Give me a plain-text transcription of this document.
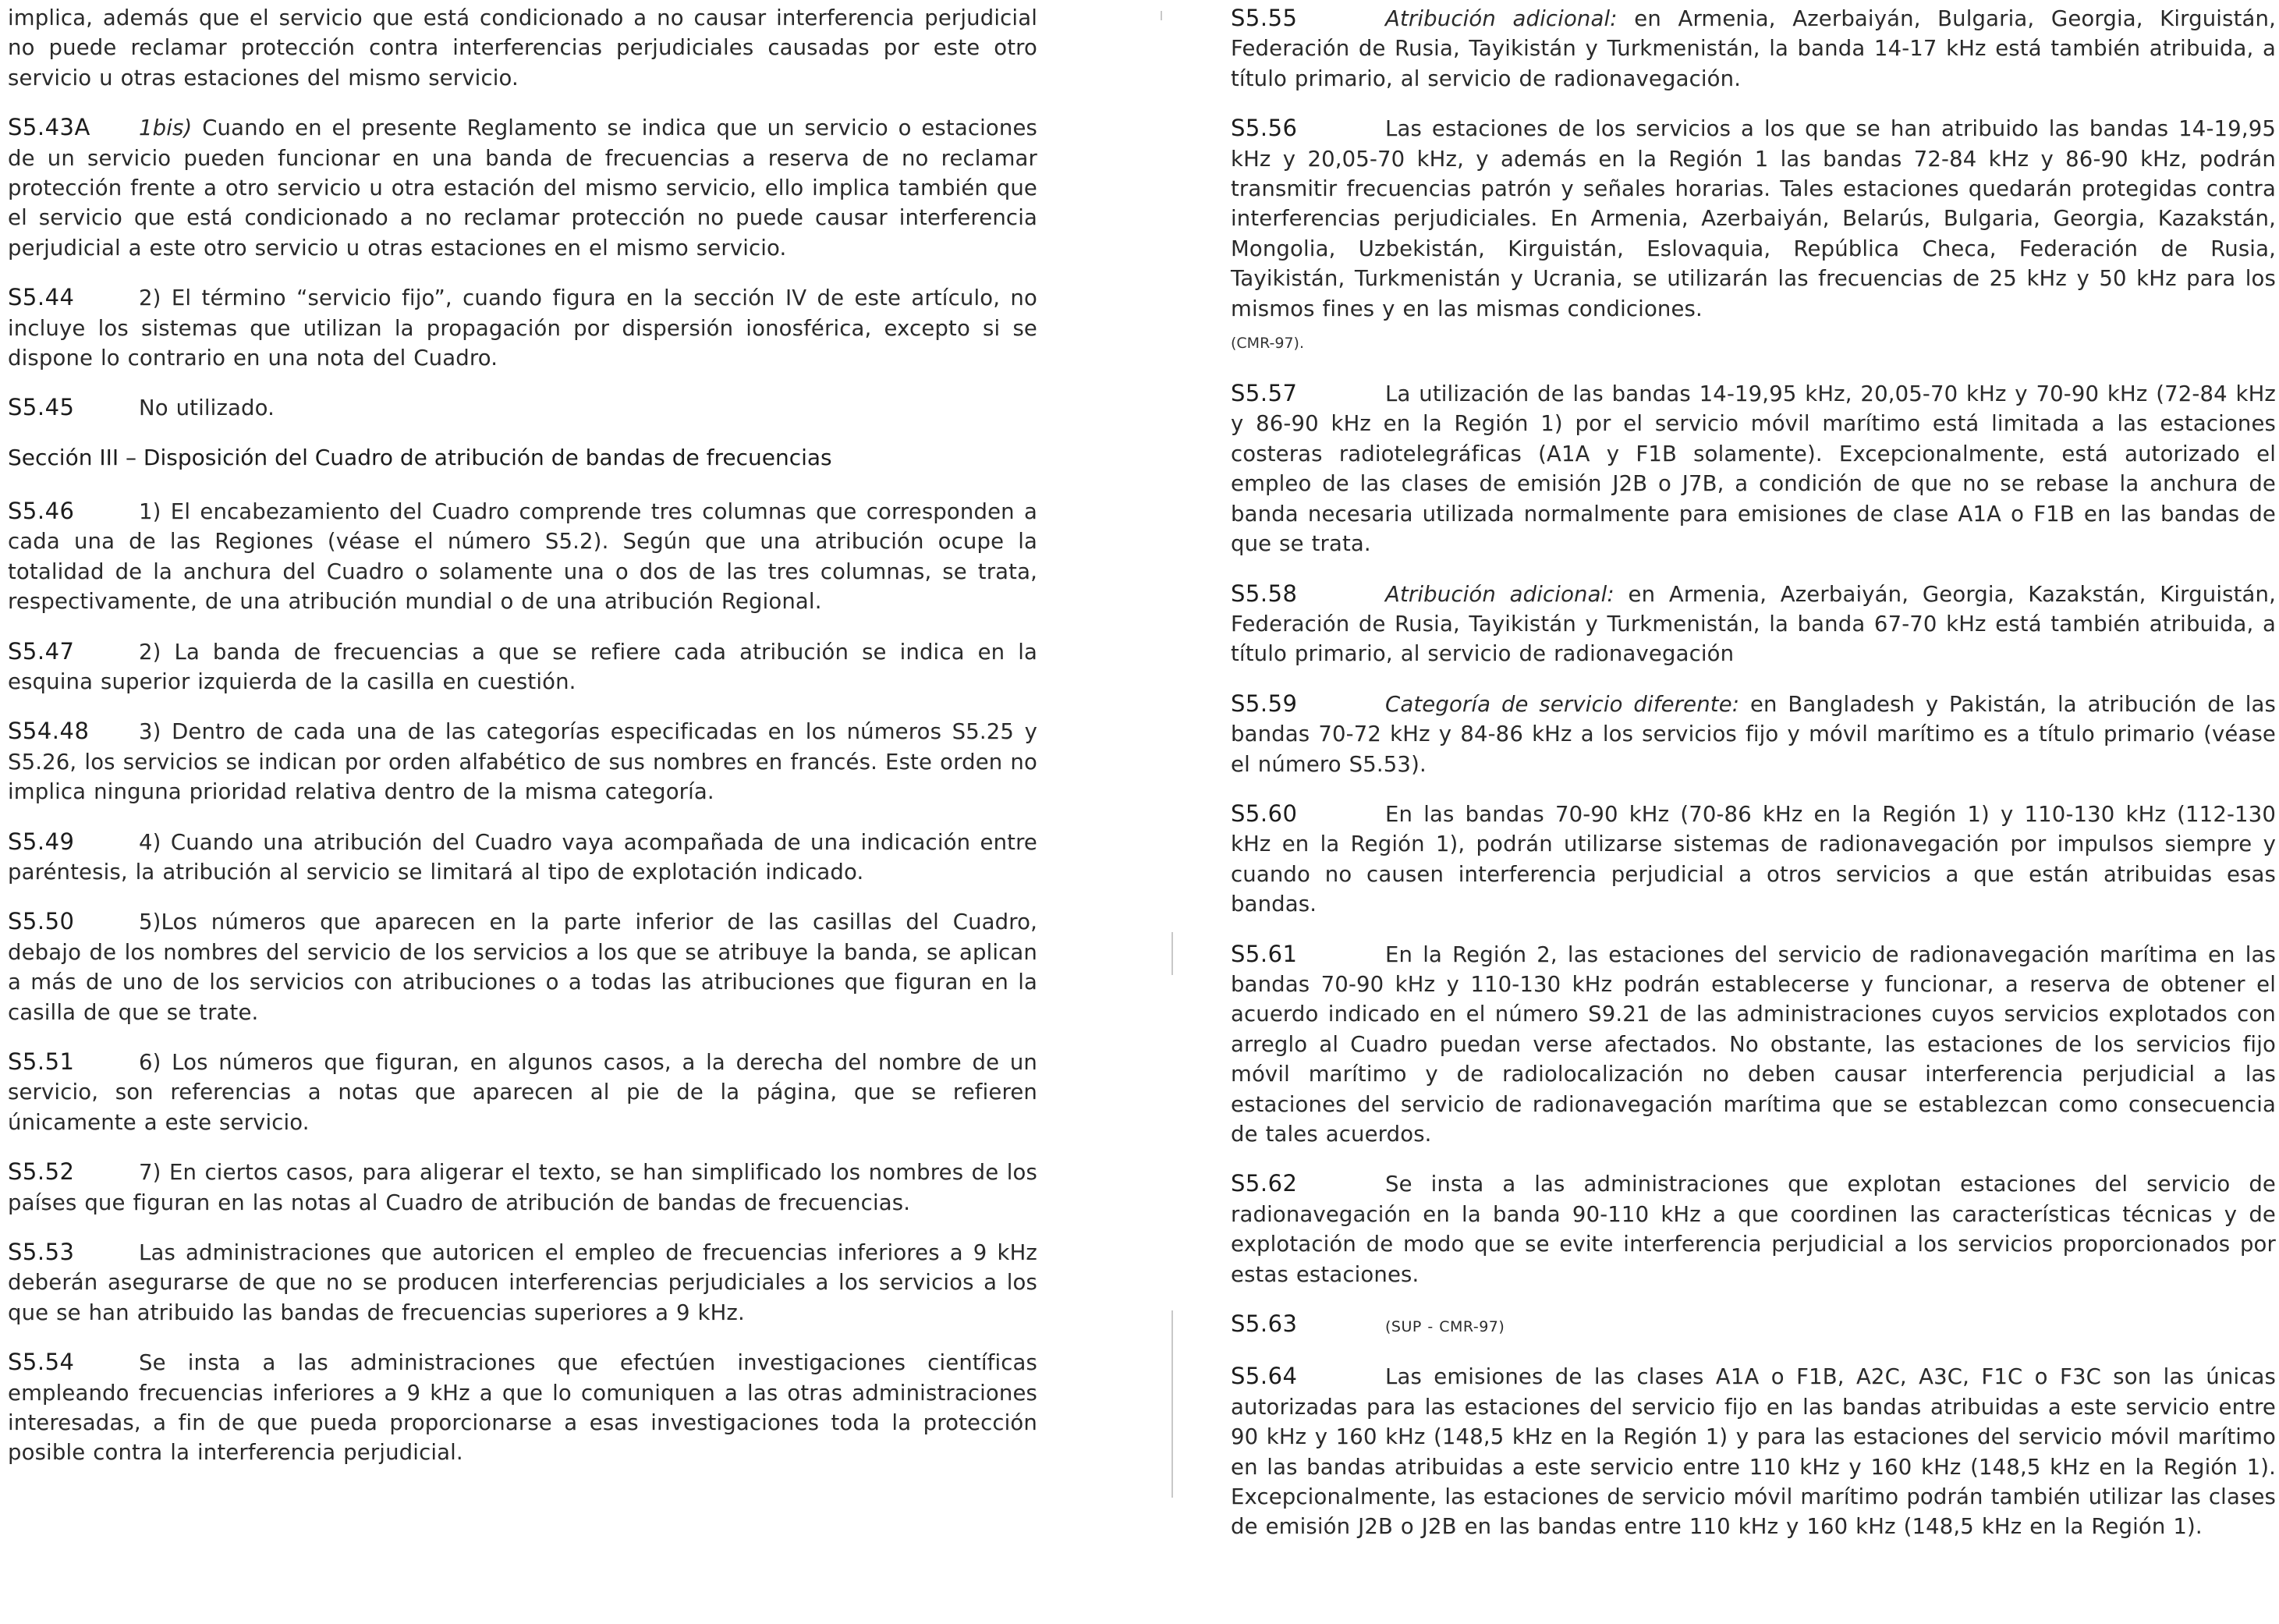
implica, además que el servicio que está condicionado a no causar interferencia perjudicial no puede reclamar protección contra interferencias perjudiciales causadas por este otro servicio u otras estaciones del mismo servicio.

S5.43A 1bis) Cuando en el presente Reglamento se indica que un servicio o estaciones de un servicio pueden funcionar en una banda de frecuencias a reserva de no reclamar protección frente a otro servicio u otra estación del mismo servicio, ello implica también que el servicio que está condicionado a no reclamar protección no puede causar interferencia perjudicial a este otro servicio u otras estaciones en el mismo servicio.

S5.44	2) El término “servicio fijo”, cuando figura en la sección IV de este artículo, no incluye los sistemas que utilizan la propagación por dispersión ionosférica, excepto si se dispone lo contrario en una nota del Cuadro.

S5.45	No utilizado.

Sección III – Disposición del Cuadro de atribución de bandas de frecuencias

S5.46	1) El encabezamiento del Cuadro comprende tres columnas que corresponden a cada una de las Regiones (véase el número S5.2). Según que una atribución ocupe la totalidad de la anchura del Cuadro o solamente una o dos de las tres columnas, se trata, respectivamente, de una atribución mundial o de una atribución Regional.

S5.47	2) La banda de frecuencias a que se refiere cada atribución se indica en la esquina superior izquierda de la casilla en cuestión.

S54.48 3) Dentro de cada una de las categorías especificadas en los números S5.25 y S5.26, los servicios se indican por orden alfabético de sus nombres en francés. Este orden no implica ninguna prioridad relativa dentro de la misma categoría.

S5.49	4) Cuando una atribución del Cuadro vaya acompañada de una indicación entre paréntesis, la atribución al servicio se limitará al tipo de explotación indicado.

S5.50	5)Los números que aparecen en la parte inferior de las casillas del Cuadro, debajo de los nombres del servicio de los servicios a los que se atribuye la banda, se aplican a más de uno de los servicios con atribuciones o a todas las atribuciones que figuran en la casilla de que se trate.

S5.51	6) Los números que figuran, en algunos casos, a la derecha del nombre de un servicio, son referencias a notas que aparecen al pie de la página, que se refieren únicamente a este servicio.

S5.52	7) En ciertos casos, para aligerar el texto, se han simplificado los nombres de los países que figuran en las notas al Cuadro de atribución de bandas de frecuencias.

S5.53	Las administraciones que autoricen el empleo de frecuencias inferiores a 9 kHz deberán asegurarse de que no se producen interferencias perjudiciales a los servicios a los que se han atribuido las bandas de frecuencias superiores a 9 kHz.

S5.54	Se insta a las administraciones que efectúen investigaciones científicas empleando frecuencias inferiores a 9 kHz a que lo comuniquen a las otras administraciones interesadas, a fin de que pueda proporcionarse a esas investigaciones toda la protección posible contra la interferencia perjudicial.

S5.55	Atribución adicional: en Armenia, Azerbaiyán, Bulgaria, Georgia, Kirguistán, Federación de Rusia, Tayikistán y Turkmenistán, la banda 14-17 kHz está también atribuida, a título primario, al servicio de radionavegación.

S5.56	Las estaciones de los servicios a los que se han atribuido las bandas 14-19,95 kHz y 20,05-70 kHz, y además en la Región 1 las bandas 72-84 kHz y 86-90 kHz, podrán transmitir frecuencias patrón y señales horarias. Tales estaciones quedarán protegidas contra interferencias perjudiciales. En Armenia, Azerbaiyán, Belarús, Bulgaria, Georgia, Kazakstán, Mongolia, Uzbekistán, Kirguistán, Eslovaquia, República Checa, Federación de Rusia, Tayikistán, Turkmenistán y Ucrania, se utilizarán las frecuencias de 25 kHz y 50 kHz para los mismos fines y en las mismas condiciones.

(CMR-97).

S5.57	La utilización de las bandas 14-19,95 kHz, 20,05-70 kHz y 70-90 kHz (72-84 kHz y 86-90 kHz en la Región 1) por el servicio móvil marítimo está limitada a las estaciones costeras radiotelegráficas (A1A y F1B solamente). Excepcionalmente, está autorizado el empleo de las clases de emisión J2B o J7B, a condición de que no se rebase la anchura de banda necesaria utilizada normalmente para emisiones de clase A1A o F1B en las bandas de que se trata.

S5.58	Atribución adicional: en Armenia, Azerbaiyán, Georgia, Kazakstán, Kirguistán, Federación de Rusia, Tayikistán y Turkmenistán, la banda 67-70 kHz está también atribuida, a título primario, al servicio de radionavegación

S5.59	Categoría de servicio diferente: en Bangladesh y Pakistán, la atribución de las bandas 70-72 kHz y 84-86 kHz a los servicios fijo y móvil marítimo es a título primario (véase el número S5.53).

S5.60	En las bandas 70-90 kHz (70-86 kHz en la Región 1) y 110-130 kHz (112-130 kHz en la Región 1), podrán utilizarse sistemas de radionavegación por impulsos siempre y cuando no causen interferencia perjudicial a otros servicios a que están atribuidas esas bandas.

S5.61	En la Región 2, las estaciones del servicio de radionavegación marítima en las bandas 70-90 kHz y 110-130 kHz podrán establecerse y funcionar, a reserva de obtener el acuerdo indicado en el número S9.21 de las administraciones cuyos servicios explotados con arreglo al Cuadro puedan verse afectados. No obstante, las estaciones de los servicios fijo móvil marítimo y de radiolocalización no deben causar interferencia perjudicial a las estaciones del servicio de radionavegación marítima que se establezcan como consecuencia de tales acuerdos.

S5.62	Se insta a las administraciones que explotan estaciones del servicio de radionavegación en la banda 90-110 kHz a que coordinen las características técnicas y de explotación de modo que se evite interferencia perjudicial a los servicios proporcionados por estas estaciones.

S5.63	(SUP - CMR-97)

S5.64	Las emisiones de las clases A1A o F1B, A2C, A3C, F1C o F3C son las únicas autorizadas para las estaciones del servicio fijo en las bandas atribuidas a este servicio entre 90 kHz y 160 kHz (148,5 kHz en la Región 1) y para las estaciones del servicio móvil marítimo en las bandas atribuidas a este servicio entre 110 kHz y 160 kHz (148,5 kHz en la Región 1). Excepcionalmente, las estaciones de servicio móvil marítimo podrán también utilizar las clases de emisión J2B o J2B en las bandas entre 110 kHz y 160 kHz (148,5 kHz en la Región 1).
